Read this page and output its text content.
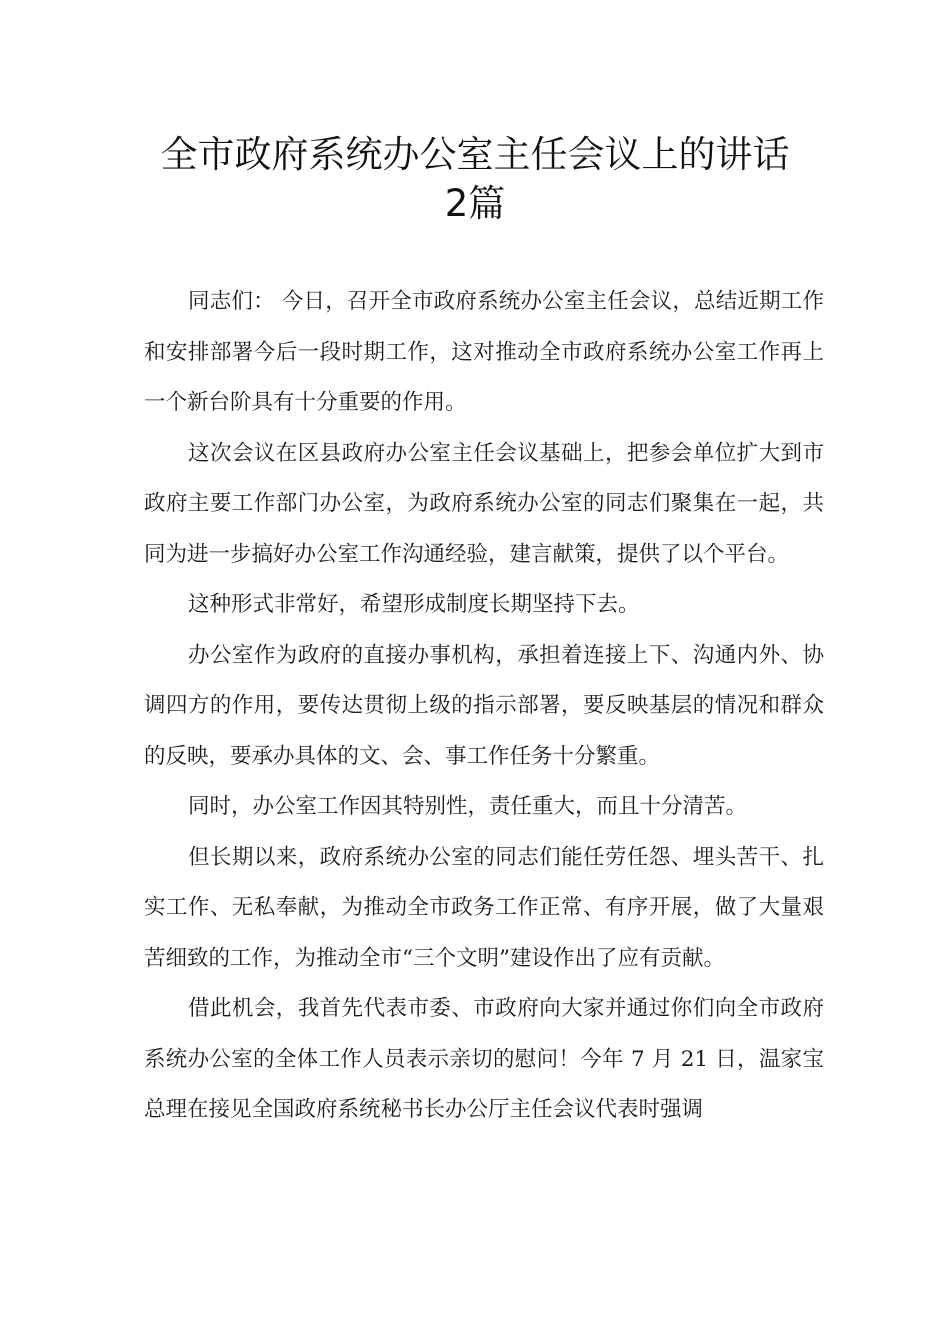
全市政府系统办公室主任会议上的讲话
2篇

同志们： 今日，召开全市政府系统办公室主任会议，总结近期工作和安排部署今后一段时期工作，这对推动全市政府系统办公室工作再上一个新台阶具有十分重要的作用。

这次会议在区县政府办公室主任会议基础上，把参会单位扩大到市政府主要工作部门办公室，为政府系统办公室的同志们聚集在一起，共同为进一步搞好办公室工作沟通经验，建言献策，提供了以个平台。

这种形式非常好，希望形成制度长期坚持下去。

办公室作为政府的直接办事机构，承担着连接上下、沟通内外、协调四方的作用，要传达贯彻上级的指示部署，要反映基层的情况和群众的反映，要承办具体的文、会、事工作任务十分繁重。

同时，办公室工作因其特别性，责任重大，而且十分清苦。

但长期以来，政府系统办公室的同志们能任劳任怨、埋头苦干、扎实工作、无私奉献，为推动全市政务工作正常、有序开展，做了大量艰苦细致的工作，为推动全市“三个文明”建设作出了应有贡献。

借此机会，我首先代表市委、市政府向大家并通过你们向全市政府系统办公室的全体工作人员表示亲切的慰问！今年 7 月 21 日，温家宝总理在接见全国政府系统秘书长办公厅主任会议代表时强调
